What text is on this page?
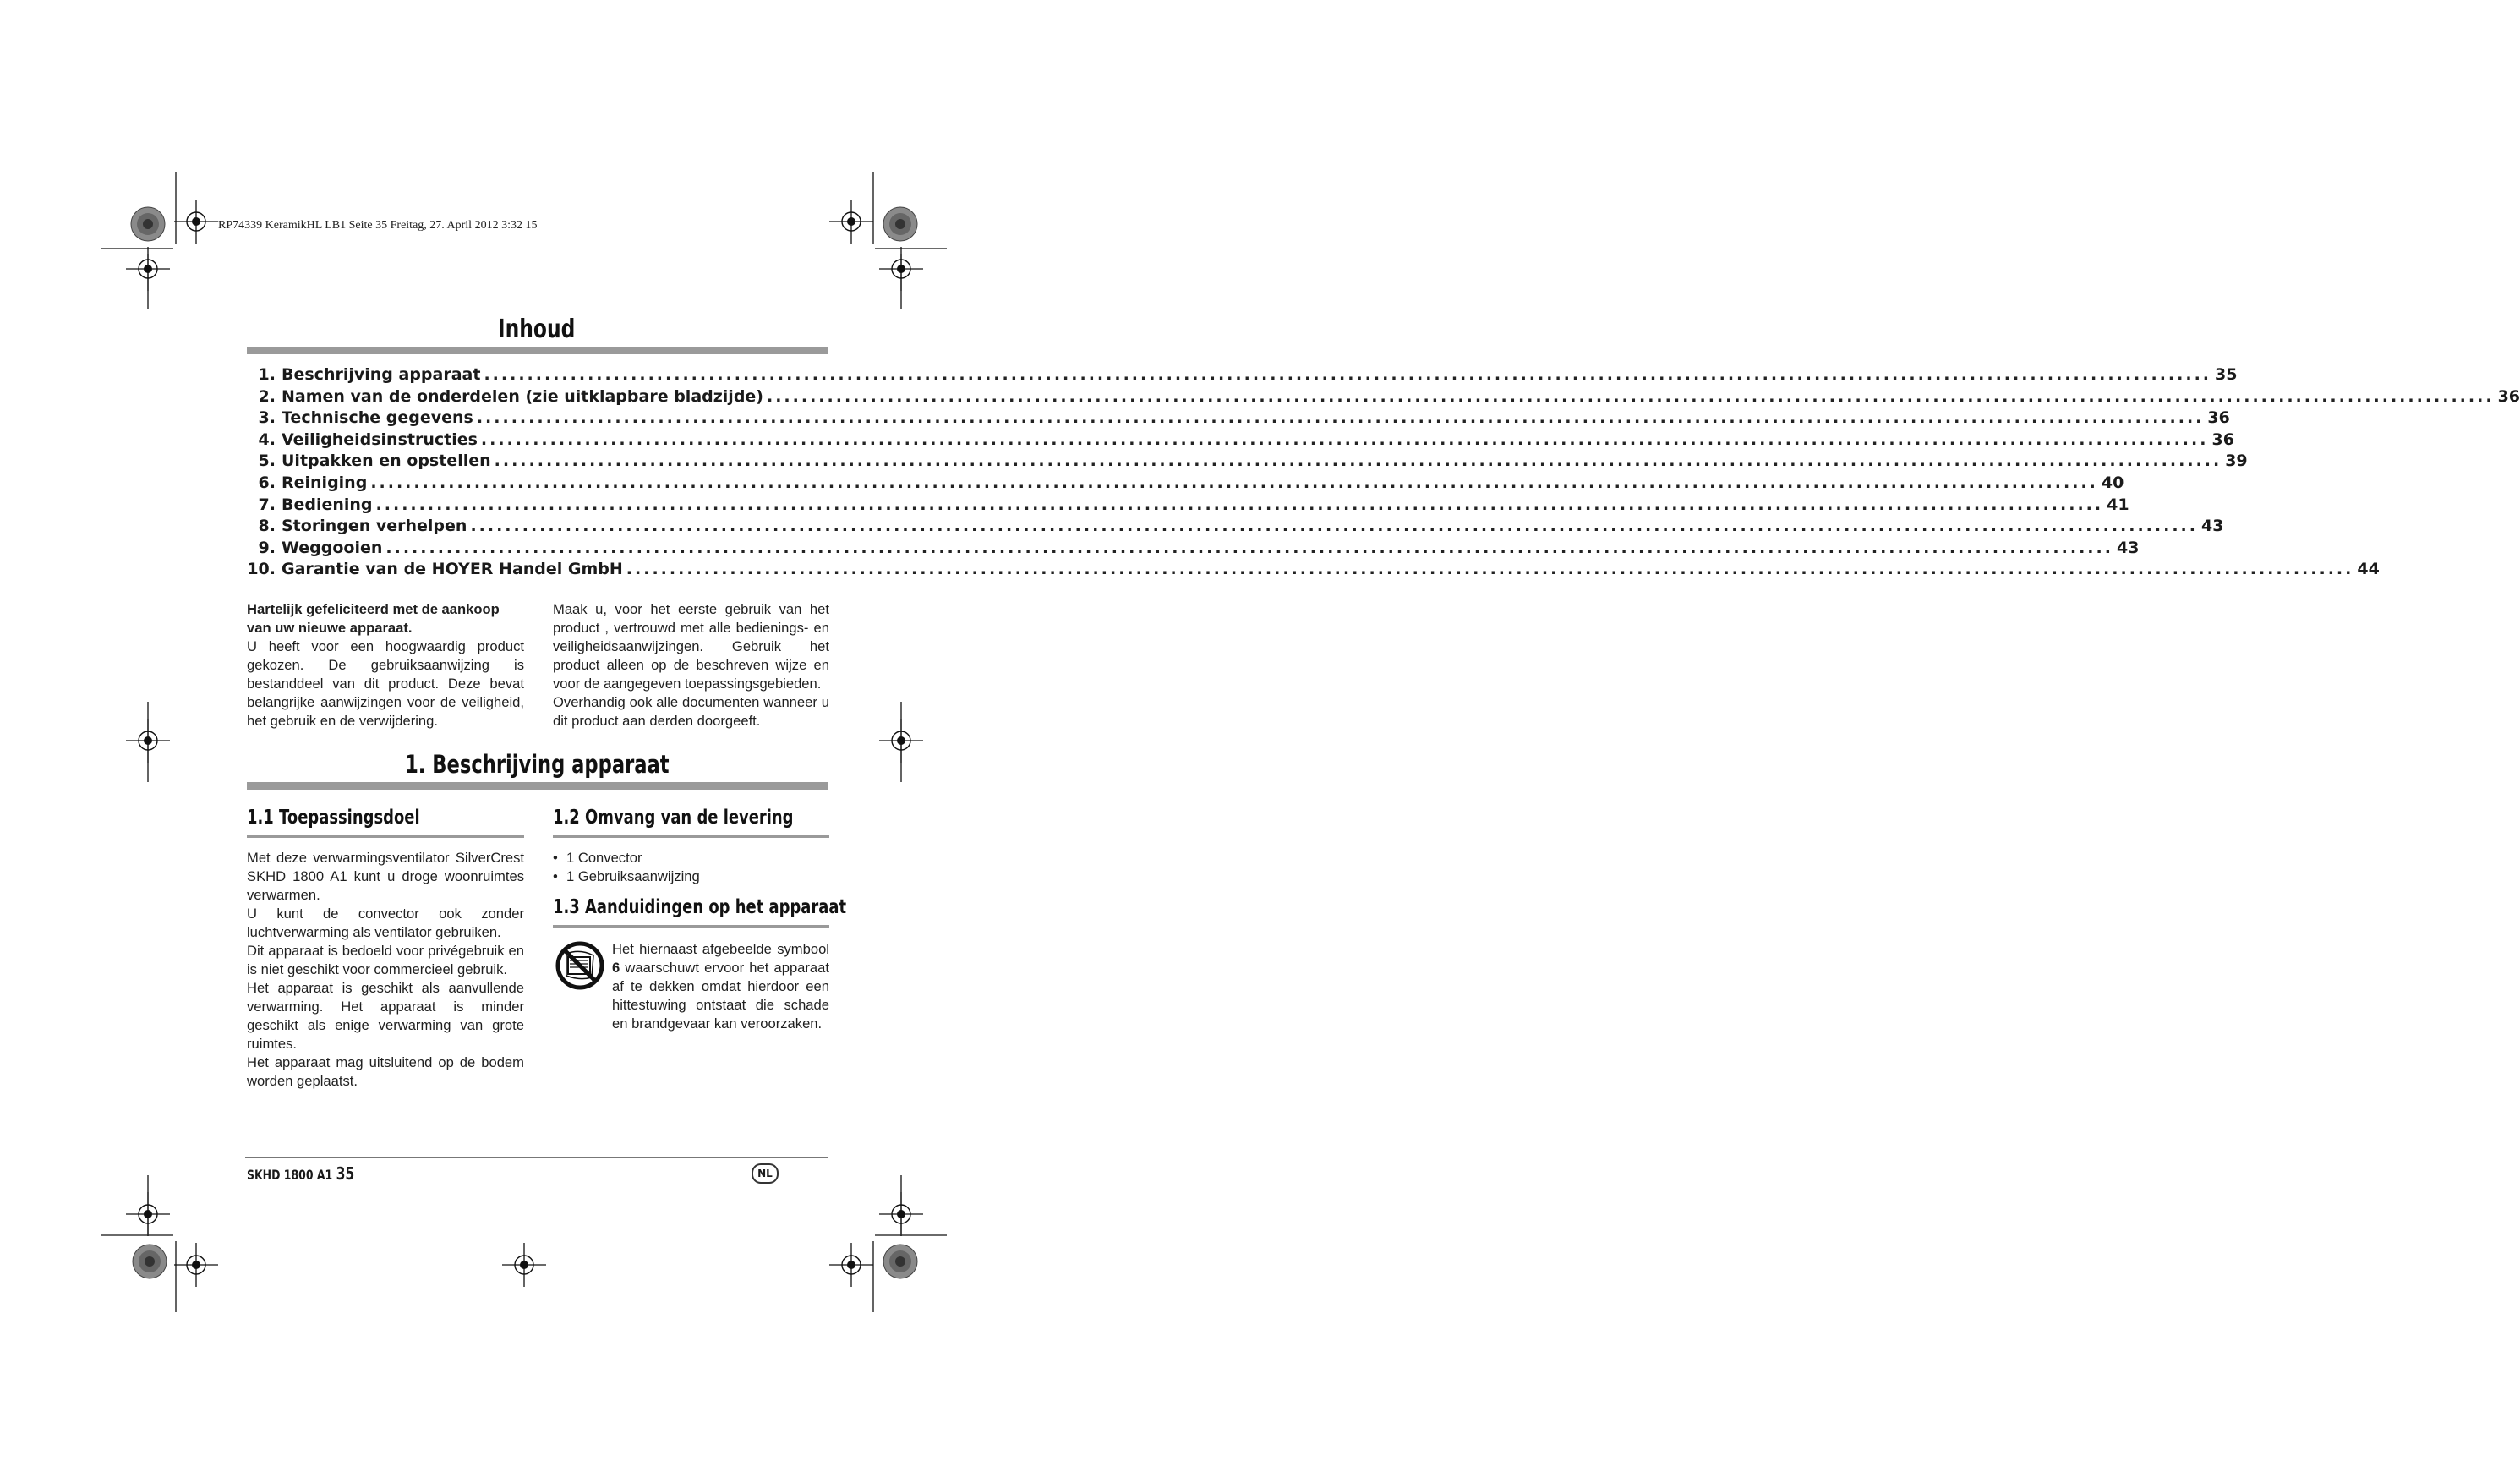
RP74339 KeramikHL LB1 Seite 35 Freitag, 27. April 2012 3:32 15
Inhoud
1. Beschrijving apparaat ........................................................................................................................................................................................................ 35
2. Namen van de onderdelen (zie uitklapbare bladzijde) ........................................................................................................................................................................................................ 36
3. Technische gegevens ........................................................................................................................................................................................................ 36
4. Veiligheidsinstructies ........................................................................................................................................................................................................ 36
5. Uitpakken en opstellen ........................................................................................................................................................................................................ 39
6. Reiniging ........................................................................................................................................................................................................ 40
7. Bediening ........................................................................................................................................................................................................ 41
8. Storingen verhelpen ........................................................................................................................................................................................................ 43
9. Weggooien ........................................................................................................................................................................................................ 43
10. Garantie van de HOYER Handel GmbH ........................................................................................................................................................................................................ 44

Hartelijk gefeliciteerd met de aankoop van uw nieuwe apparaat.

U heeft voor een hoogwaardig product gekozen. De gebruiksaanwijzing is bestanddeel van dit product. Deze bevat belangrijke aanwijzingen voor de veiligheid, het gebruik en de verwijdering.

Maak u, voor het eerste gebruik van het product , vertrouwd met alle bedienings- en veiligheidsaanwijzingen. Gebruik het product alleen op de beschreven wijze en voor de aangegeven toepassingsgebieden.

Overhandig ook alle documenten wanneer u dit product aan derden doorgeeft.

1. Beschrijving apparaat
1.1 Toepassingsdoel

Met deze verwarmingsventilator SilverCrest SKHD 1800 A1 kunt u droge woonruimtes verwarmen.

U kunt de convector ook zonder luchtverwarming als ventilator gebruiken.

Dit apparaat is bedoeld voor privégebruik en is niet geschikt voor commercieel gebruik.

Het apparaat is geschikt als aanvullende verwarming. Het apparaat is minder geschikt als enige verwarming van grote ruimtes.

Het apparaat mag uitsluitend op de bodem worden geplaatst.

1.2 Omvang van de levering
• 1 Convector
• 1 Gebruiksaanwijzing
1.3 Aanduidingen op het apparaat

Het hiernaast afgebeelde symbool 6 waarschuwt ervoor het apparaat af te dekken omdat hierdoor een hittestuwing ontstaat die schade en brandgevaar kan veroorzaken.

SKHD 1800 A1 35	NL
